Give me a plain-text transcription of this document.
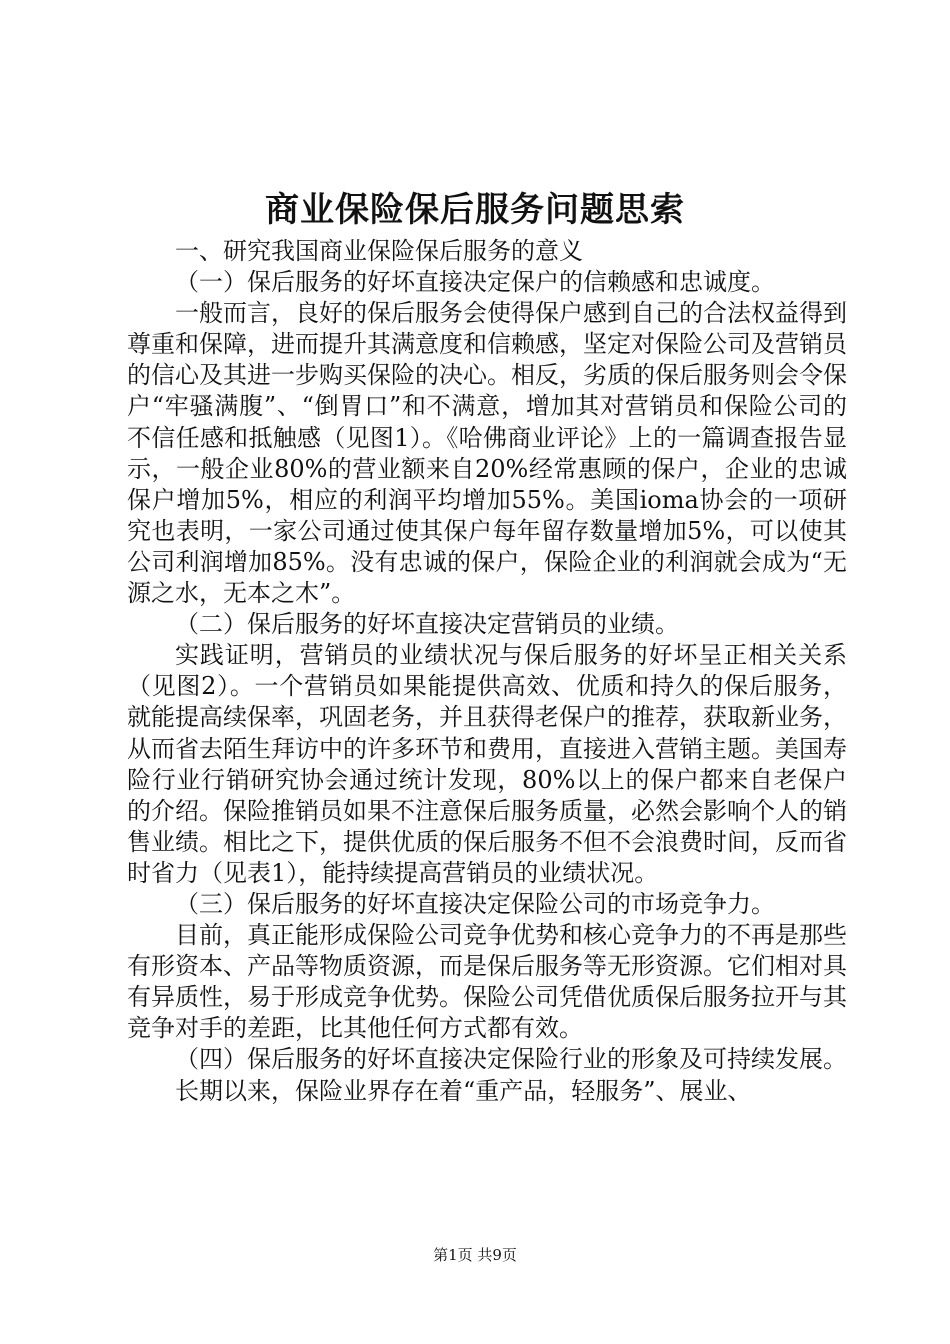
商业保险保后服务问题思索

一、研究我国商业保险保后服务的意义

（一）保后服务的好坏直接决定保户的信赖感和忠诚度。

一般而言，良好的保后服务会使得保户感到自己的合法权益得到尊重和保障，进而提升其满意度和信赖感，坚定对保险公司及营销员的信心及其进一步购买保险的决心。相反，劣质的保后服务则会令保户“牢骚满腹”、“倒胃口”和不满意，增加其对营销员和保险公司的不信任感和抵触感（见图1）。《哈佛商业评论》上的一篇调查报告显示，一般企业80%的营业额来自20%经常惠顾的保户，企业的忠诚保户增加5%，相应的利润平均增加55%。美国ioma协会的一项研究也表明，一家公司通过使其保户每年留存数量增加5%，可以使其公司利润增加85%。没有忠诚的保户，保险企业的利润就会成为“无源之水，无本之木”。

（二）保后服务的好坏直接决定营销员的业绩。

实践证明，营销员的业绩状况与保后服务的好坏呈正相关关系（见图2）。一个营销员如果能提供高效、优质和持久的保后服务，就能提高续保率，巩固老务，并且获得老保户的推荐，获取新业务，从而省去陌生拜访中的许多环节和费用，直接进入营销主题。美国寿险行业行销研究协会通过统计发现，80%以上的保户都来自老保户的介绍。保险推销员如果不注意保后服务质量，必然会影响个人的销售业绩。相比之下，提供优质的保后服务不但不会浪费时间，反而省时省力（见表1），能持续提高营销员的业绩状况。

（三）保后服务的好坏直接决定保险公司的市场竞争力。

目前，真正能形成保险公司竞争优势和核心竞争力的不再是那些有形资本、产品等物质资源，而是保后服务等无形资源。它们相对具有异质性，易于形成竞争优势。保险公司凭借优质保后服务拉开与其竞争对手的差距，比其他任何方式都有效。

（四）保后服务的好坏直接决定保险行业的形象及可持续发展。

长期以来，保险业界存在着“重产品，轻服务”、展业、

第1页 共9页
